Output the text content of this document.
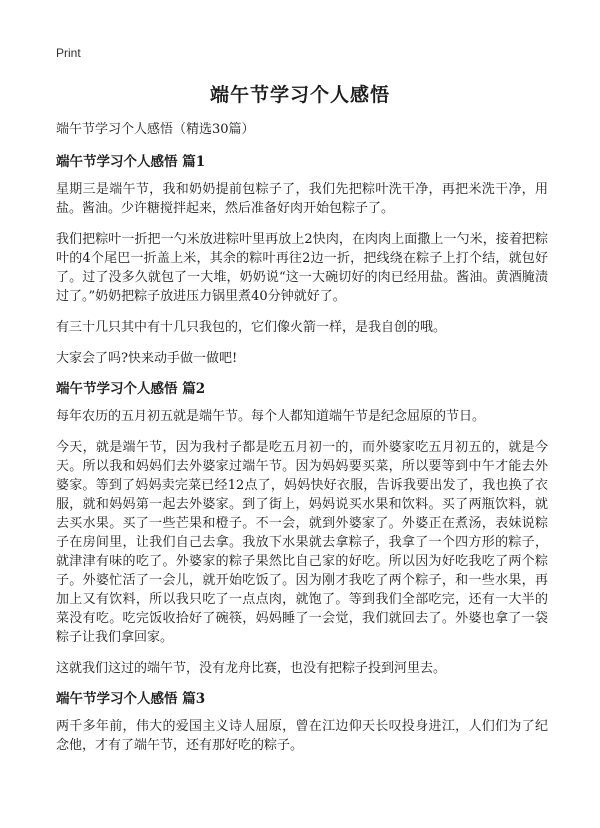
Print
端午节学习个人感悟

端午节学习个人感悟（精选30篇）

端午节学习个人感悟 篇1

星期三是端午节，我和奶奶提前包粽子了，我们先把粽叶洗干净，再把米洗干净，用盐。酱油。少许糖搅拌起来，然后准备好肉开始包粽子了。

我们把粽叶一折把一勺米放进粽叶里再放上2快肉，在肉肉上面撒上一勺米，接着把粽叶的4个尾巴一折盖上米，其余的粽叶再往2边一折，把线绕在粽子上打个结，就包好了。过了没多久就包了一大堆，奶奶说“这一大碗切好的肉已经用盐。酱油。黄酒腌渍过了。”奶奶把粽子放进压力锅里煮40分钟就好了。

有三十几只其中有十几只我包的，它们像火箭一样，是我自创的哦。

大家会了吗?快来动手做一做吧!

端午节学习个人感悟 篇2

每年农历的五月初五就是端午节。每个人都知道端午节是纪念屈原的节日。

今天，就是端午节，因为我村子都是吃五月初一的，而外婆家吃五月初五的，就是今天。所以我和妈妈们去外婆家过端午节。因为妈妈要买菜，所以要等到中午才能去外婆家。等到了妈妈卖完菜已经12点了，妈妈快好衣服，告诉我要出发了，我也换了衣服，就和妈妈第一起去外婆家。到了街上，妈妈说买水果和饮料。买了两瓶饮料，就去买水果。买了一些芒果和橙子。不一会，就到外婆家了。外婆正在煮汤，表妹说粽子在房间里，让我们自己去拿。我放下水果就去拿粽子，我拿了一个四方形的粽子，就津津有味的吃了。外婆家的粽子果然比自己家的好吃。所以因为好吃我吃了两个粽子。外婆忙活了一会儿，就开始吃饭了。因为刚才我吃了两个粽子，和一些水果，再加上又有饮料，所以我只吃了一点点肉，就饱了。等到我们全部吃完，还有一大半的菜没有吃。吃完饭收拾好了碗筷，妈妈睡了一会觉，我们就回去了。外婆也拿了一袋粽子让我们拿回家。

这就我们这过的端午节，没有龙舟比赛，也没有把粽子投到河里去。

端午节学习个人感悟 篇3

两千多年前，伟大的爱国主义诗人屈原，曾在江边仰天长叹投身进江，人们们为了纪念他，才有了端午节，还有那好吃的粽子。
